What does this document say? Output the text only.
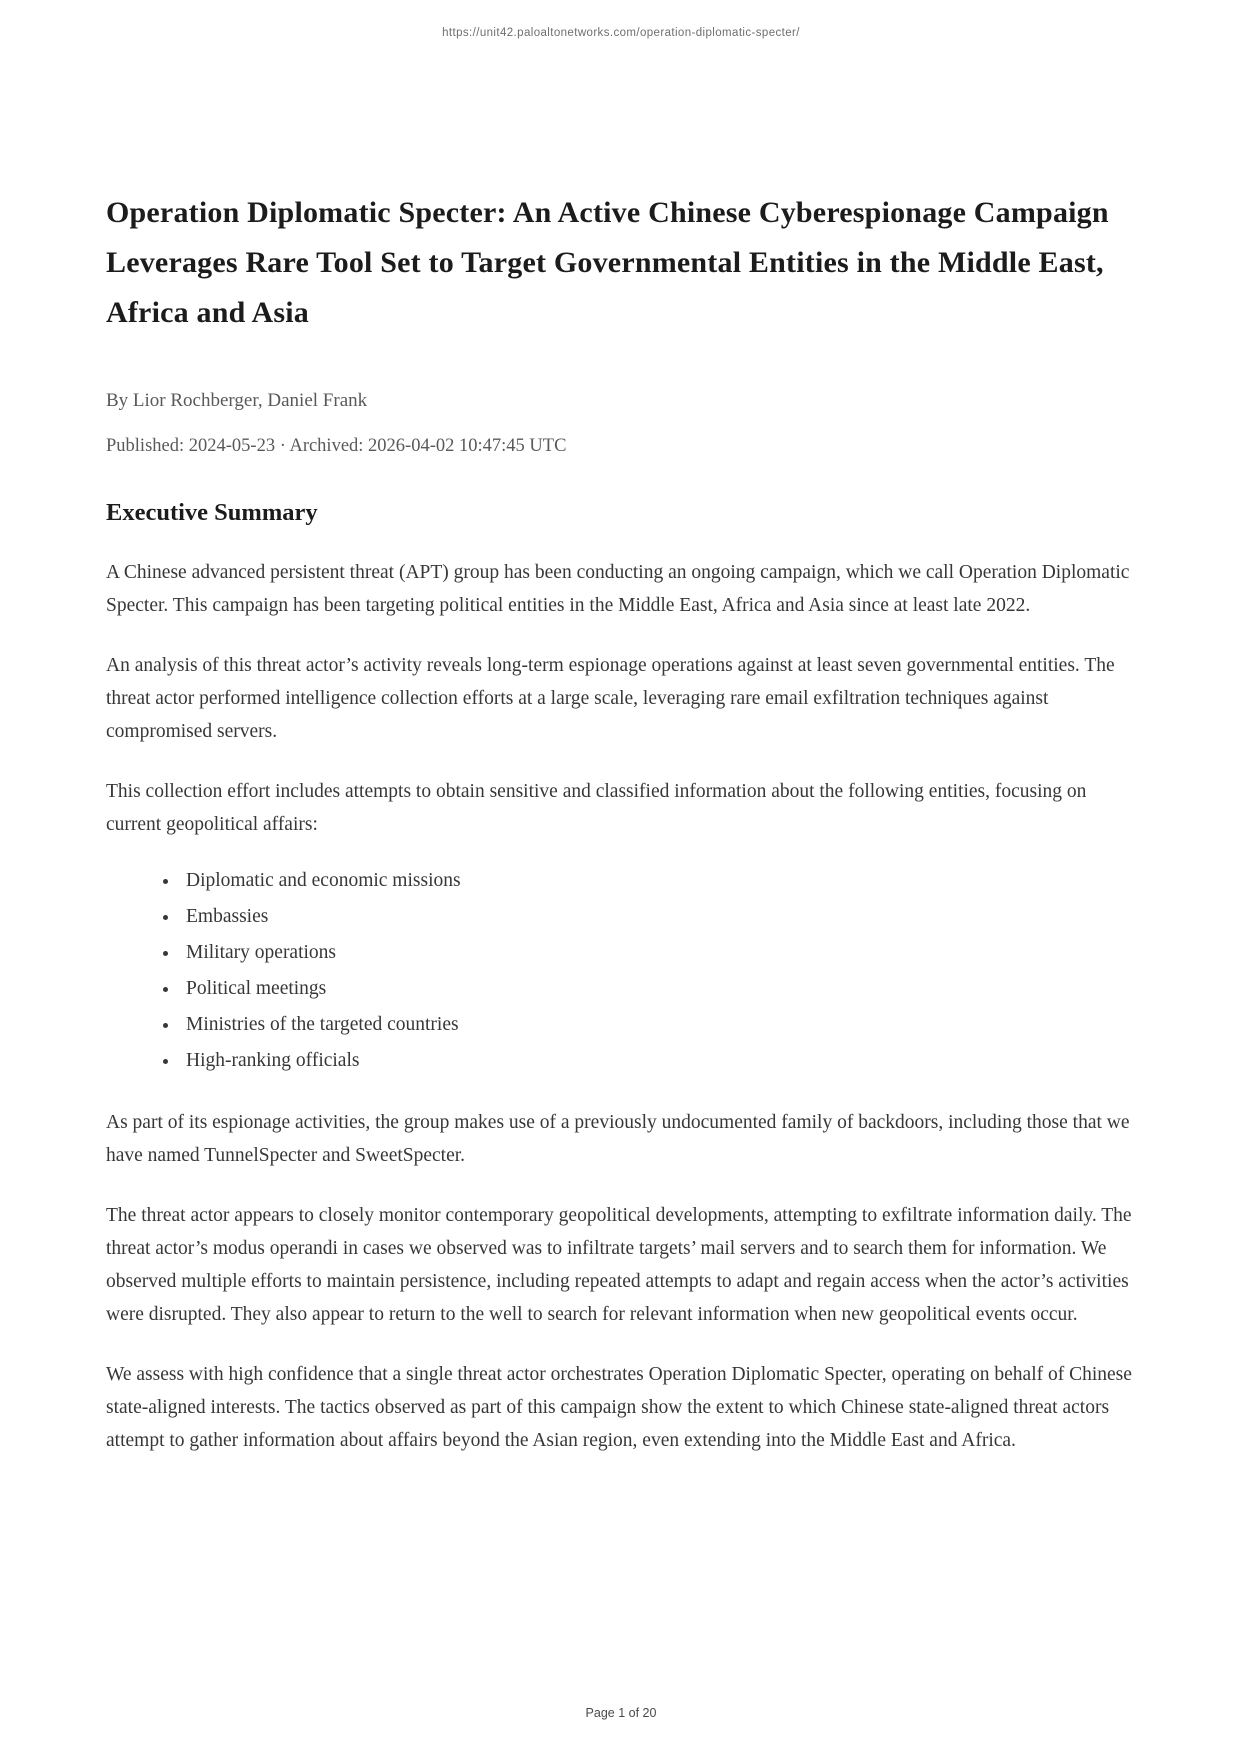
https://unit42.paloaltonetworks.com/operation-diplomatic-specter/
Operation Diplomatic Specter: An Active Chinese Cyberespionage Campaign Leverages Rare Tool Set to Target Governmental Entities in the Middle East, Africa and Asia
By Lior Rochberger, Daniel Frank
Published: 2024-05-23 · Archived: 2026-04-02 10:47:45 UTC
Executive Summary

A Chinese advanced persistent threat (APT) group has been conducting an ongoing campaign, which we call Operation Diplomatic Specter. This campaign has been targeting political entities in the Middle East, Africa and Asia since at least late 2022.

An analysis of this threat actor’s activity reveals long-term espionage operations against at least seven governmental entities. The threat actor performed intelligence collection efforts at a large scale, leveraging rare email exfiltration techniques against compromised servers.

This collection effort includes attempts to obtain sensitive and classified information about the following entities, focusing on current geopolitical affairs:

• Diplomatic and economic missions
• Embassies
• Military operations
• Political meetings
• Ministries of the targeted countries
• High-ranking officials

As part of its espionage activities, the group makes use of a previously undocumented family of backdoors, including those that we have named TunnelSpecter and SweetSpecter.

The threat actor appears to closely monitor contemporary geopolitical developments, attempting to exfiltrate information daily. The threat actor’s modus operandi in cases we observed was to infiltrate targets’ mail servers and to search them for information. We observed multiple efforts to maintain persistence, including repeated attempts to adapt and regain access when the actor’s activities were disrupted. They also appear to return to the well to search for relevant information when new geopolitical events occur.

We assess with high confidence that a single threat actor orchestrates Operation Diplomatic Specter, operating on behalf of Chinese state-aligned interests. The tactics observed as part of this campaign show the extent to which Chinese state-aligned threat actors attempt to gather information about affairs beyond the Asian region, even extending into the Middle East and Africa.

Page 1 of 20
